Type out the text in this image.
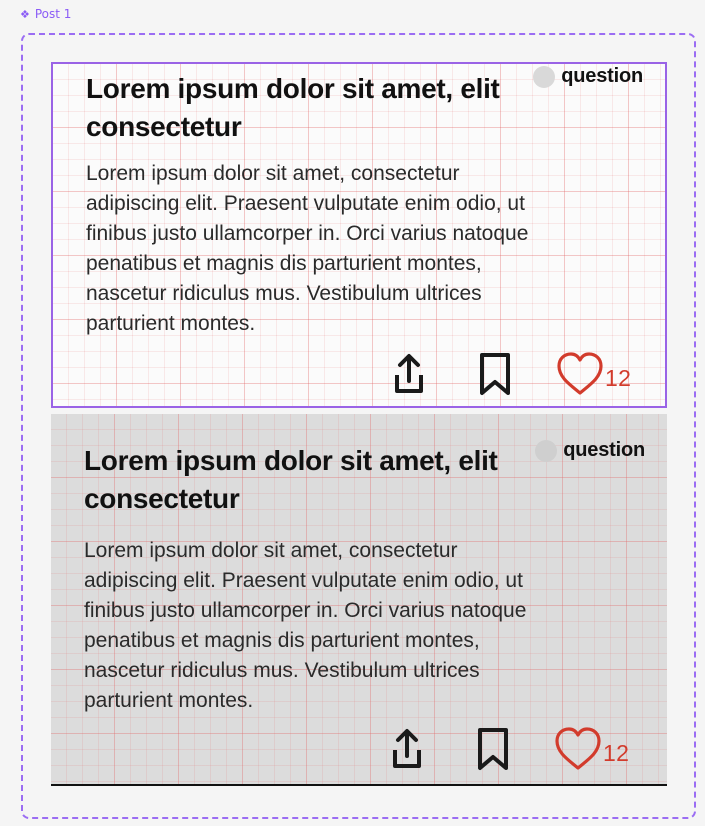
❖ Post 1
Lorem ipsum dolor sit amet, elit consectetur
question

Lorem ipsum dolor sit amet, consectetur
adipiscing elit. Praesent vulputate enim odio, ut
finibus justo ullamcorper in. Orci varius natoque
penatibus et magnis dis parturient montes,
nascetur ridiculus mus. Vestibulum ultrices
parturient montes.

12
Lorem ipsum dolor sit amet, elit consectetur
question

Lorem ipsum dolor sit amet, consectetur
adipiscing elit. Praesent vulputate enim odio, ut
finibus justo ullamcorper in. Orci varius natoque
penatibus et magnis dis parturient montes,
nascetur ridiculus mus. Vestibulum ultrices
parturient montes.

12
